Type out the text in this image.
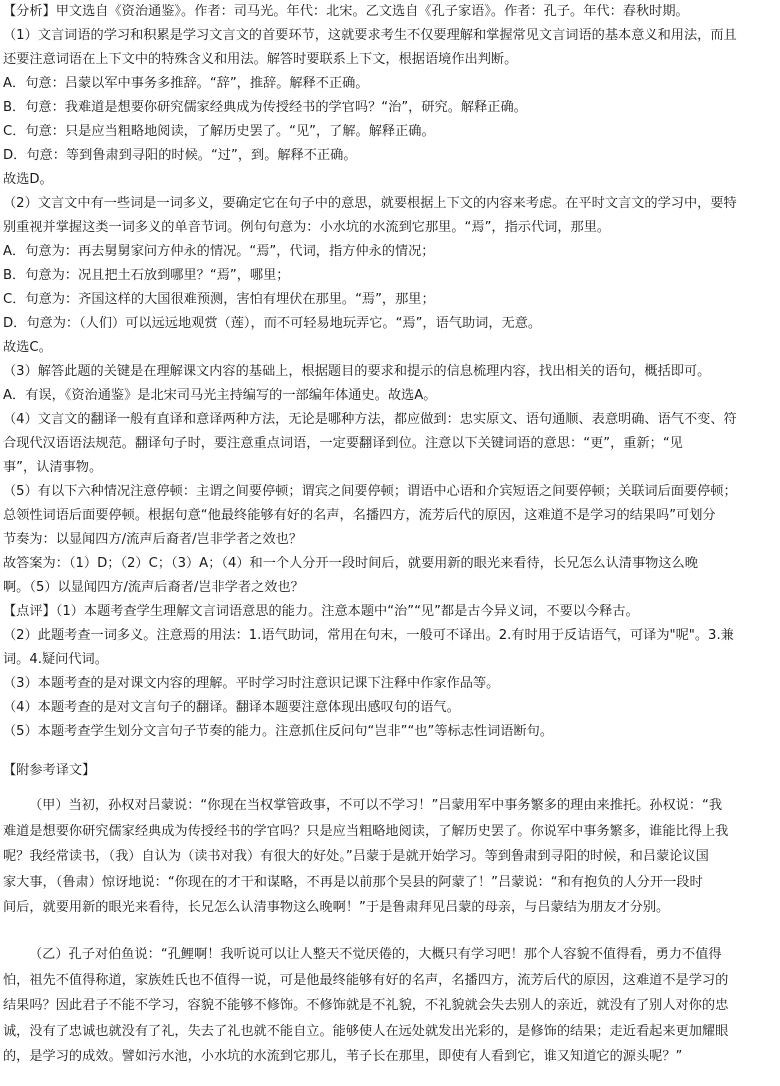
【分析】甲文选自《资治通鉴》。作者：司马光。年代：北宋。乙文选自《孔子家语》。作者：孔子。年代：春秋时期。
（1）文言词语的学习和积累是学习文言文的首要环节，这就要求考生不仅要理解和掌握常见文言词语的基本意义和用法，而且
还要注意词语在上下文中的特殊含义和用法。解答时要联系上下文，根据语境作出判断。
A．句意：吕蒙以军中事务多推辞。“辞”，推辞。解释不正确。
B．句意：我难道是想要你研究儒家经典成为传授经书的学官吗？“治”，研究。解释正确。
C．句意：只是应当粗略地阅读，了解历史罢了。“见”，了解。解释正确。
D．句意：等到鲁肃到寻阳的时候。“过”，到。解释不正确。
故选D。
（2）文言文中有一些词是一词多义，要确定它在句子中的意思，就要根据上下文的内容来考虑。在平时文言文的学习中，要特
别重视并掌握这类一词多义的单音节词。例句句意为：小水坑的水流到它那里。“焉”，指示代词，那里。
A．句意为：再去舅舅家问方仲永的情况。“焉”，代词，指方仲永的情况；
B．句意为：况且把土石放到哪里？“焉”，哪里；
C．句意为：齐国这样的大国很难预测，害怕有埋伏在那里。“焉”，那里；
D．句意为：（人们）可以远远地观赏（莲），而不可轻易地玩弄它。“焉”，语气助词，无意。
故选C。
（3）解答此题的关键是在理解课文内容的基础上，根据题目的要求和提示的信息梳理内容，找出相关的语句，概括即可。
A．有误，《资治通鉴》是北宋司马光主持编写的一部编年体通史。故选A。
（4）文言文的翻译一般有直译和意译两种方法，无论是哪种方法，都应做到：忠实原文、语句通顺、表意明确、语气不变、符
合现代汉语语法规范。翻译句子时，要注意重点词语，一定要翻译到位。注意以下关键词语的意思：“更”，重新；“见
事”，认清事物。
（5）有以下六种情况注意停顿：主谓之间要停顿；谓宾之间要停顿；谓语中心语和介宾短语之间要停顿；关联词后面要停顿；
总领性词语后面要停顿。根据句意“他最终能够有好的名声，名播四方，流芳后代的原因，这难道不是学习的结果吗”可划分
节奏为：以显闻四方/流声后裔者/岂非学者之效也？
故答案为：（1）D；（2）C；（3）A；（4）和一个人分开一段时间后，就要用新的眼光来看待，长兄怎么认清事物这么晚
啊。（5）以显闻四方/流声后裔者/岂非学者之效也？
【点评】（1）本题考查学生理解文言词语意思的能力。注意本题中“治”“见”都是古今异义词，不要以今释古。
（2）此题考查一词多义。注意焉的用法：1.语气助词，常用在句末，一般可不译出。2.有时用于反诘语气，可译为"呢"。3.兼
词。4.疑问代词。
（3）本题考查的是对课文内容的理解。平时学习时注意识记课下注释中作家作品等。
（4）本题考查的是对文言句子的翻译。翻译本题要注意体现出感叹句的语气。
（5）本题考查学生划分文言句子节奏的能力。注意抓住反问句“岂非”“也”等标志性词语断句。
【附参考译文】

（甲）当初，孙权对吕蒙说：“你现在当权掌管政事，不可以不学习！”吕蒙用军中事务繁多的理由来推托。孙权说：“我

难道是想要你研究儒家经典成为传授经书的学官吗？只是应当粗略地阅读，了解历史罢了。你说军中事务繁多，谁能比得上我

呢？我经常读书，（我）自认为（读书对我）有很大的好处。”吕蒙于是就开始学习。等到鲁肃到寻阳的时候，和吕蒙论议国

家大事，（鲁肃）惊讶地说：“你现在的才干和谋略，不再是以前那个吴县的阿蒙了！”吕蒙说：“和有抱负的人分开一段时

间后，就要用新的眼光来看待，长兄怎么认清事物这么晚啊！”于是鲁肃拜见吕蒙的母亲，与吕蒙结为朋友才分别。

（乙）孔子对伯鱼说：“孔鲤啊！我听说可以让人整天不觉厌倦的，大概只有学习吧！那个人容貌不值得看，勇力不值得

怕，祖先不值得称道，家族姓氏也不值得一说，可是他最终能够有好的名声，名播四方，流芳后代的原因，这难道不是学习的

结果吗？因此君子不能不学习，容貌不能够不修饰。不修饰就是不礼貌，不礼貌就会失去别人的亲近，就没有了别人对你的忠

诚，没有了忠诚也就没有了礼，失去了礼也就不能自立。能够使人在远处就发出光彩的，是修饰的结果；走近看起来更加耀眼

的，是学习的成效。譬如污水池，小水坑的水流到它那儿，苇子长在那里，即使有人看到它，谁又知道它的源头呢？”
